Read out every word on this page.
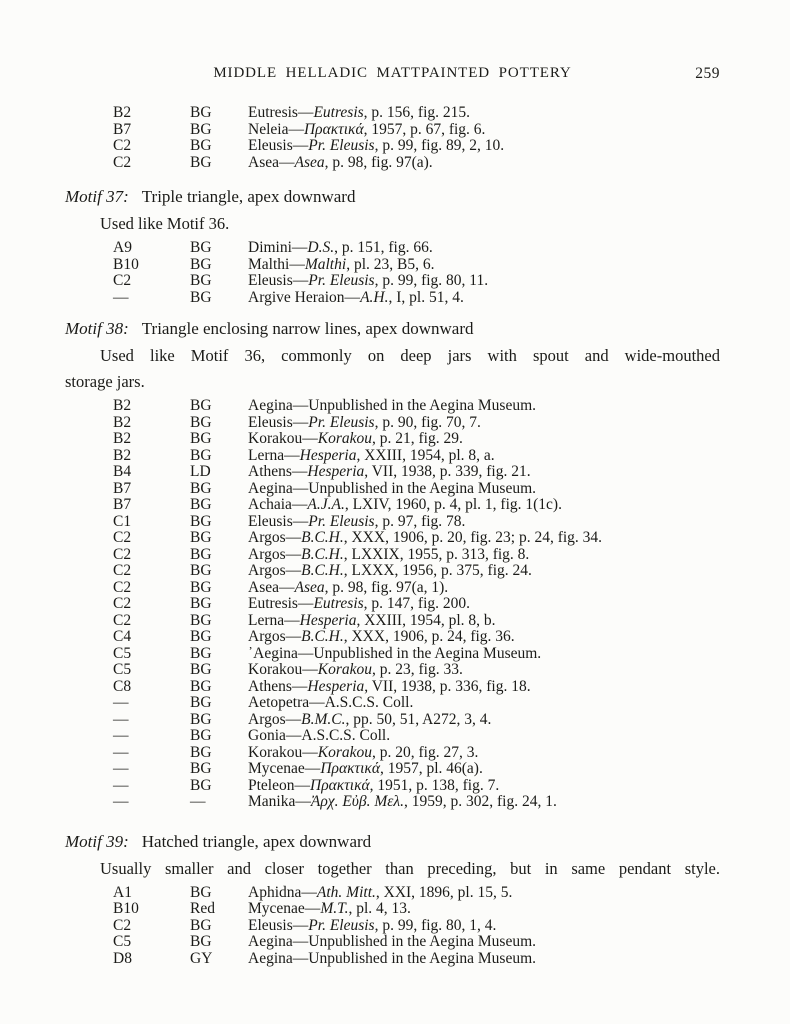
MIDDLE HELLADIC MATTPAINTED POTTERY	259
B2	BG	Eutresis—Eutresis, p. 156, fig. 215.
B7	BG	Neleia—Πρακτικά, 1957, p. 67, fig. 6.
C2	BG	Eleusis—Pr. Eleusis, p. 99, fig. 89, 2, 10.
C2	BG	Asea—Asea, p. 98, fig. 97(a).
Motif 37: Triple triangle, apex downward
Used like Motif 36.
A9	BG	Dimini—D.S., p. 151, fig. 66.
B10	BG	Malthi—Malthi, pl. 23, B5, 6.
C2	BG	Eleusis—Pr. Eleusis, p. 99, fig. 80, 11.
—	BG	Argive Heraion—A.H., I, pl. 51, 4.
Motif 38: Triangle enclosing narrow lines, apex downward
Used like Motif 36, commonly on deep jars with spout and wide-mouthed
storage jars.
B2	BG	Aegina—Unpublished in the Aegina Museum.
B2	BG	Eleusis—Pr. Eleusis, p. 90, fig. 70, 7.
B2	BG	Korakou—Korakou, p. 21, fig. 29.
B2	BG	Lerna—Hesperia, XXIII, 1954, pl. 8, a.
B4	LD	Athens—Hesperia, VII, 1938, p. 339, fig. 21.
B7	BG	Aegina—Unpublished in the Aegina Museum.
B7	BG	Achaia—A.J.A., LXIV, 1960, p. 4, pl. 1, fig. 1(1c).
C1	BG	Eleusis—Pr. Eleusis, p. 97, fig. 78.
C2	BG	Argos—B.C.H., XXX, 1906, p. 20, fig. 23; p. 24, fig. 34.
C2	BG	Argos—B.C.H., LXXIX, 1955, p. 313, fig. 8.
C2	BG	Argos—B.C.H., LXXX, 1956, p. 375, fig. 24.
C2	BG	Asea—Asea, p. 98, fig. 97(a, 1).
C2	BG	Eutresis—Eutresis, p. 147, fig. 200.
C2	BG	Lerna—Hesperia, XXIII, 1954, pl. 8, b.
C4	BG	Argos—B.C.H., XXX, 1906, p. 24, fig. 36.
C5	BG	᾿Aegina—Unpublished in the Aegina Museum.
C5	BG	Korakou—Korakou, p. 23, fig. 33.
C8	BG	Athens—Hesperia, VII, 1938, p. 336, fig. 18.
—	BG	Aetopetra—A.S.C.S. Coll.
—	BG	Argos—B.M.C., pp. 50, 51, A272, 3, 4.
—	BG	Gonia—A.S.C.S. Coll.
—	BG	Korakou—Korakou, p. 20, fig. 27, 3.
—	BG	Mycenae—Πρακτικά, 1957, pl. 46(a).
—	BG	Pteleon—Πρακτικά, 1951, p. 138, fig. 7.
—	—	Manika—Ἀρχ. Εὐβ. Μελ., 1959, p. 302, fig. 24, 1.
Motif 39: Hatched triangle, apex downward
Usually smaller and closer together than preceding, but in same pendant style.
A1	BG	Aphidna—Ath. Mitt., XXI, 1896, pl. 15, 5.
B10	Red	Mycenae—M.T., pl. 4, 13.
C2	BG	Eleusis—Pr. Eleusis, p. 99, fig. 80, 1, 4.
C5	BG	Aegina—Unpublished in the Aegina Museum.
D8	GY	Aegina—Unpublished in the Aegina Museum.
